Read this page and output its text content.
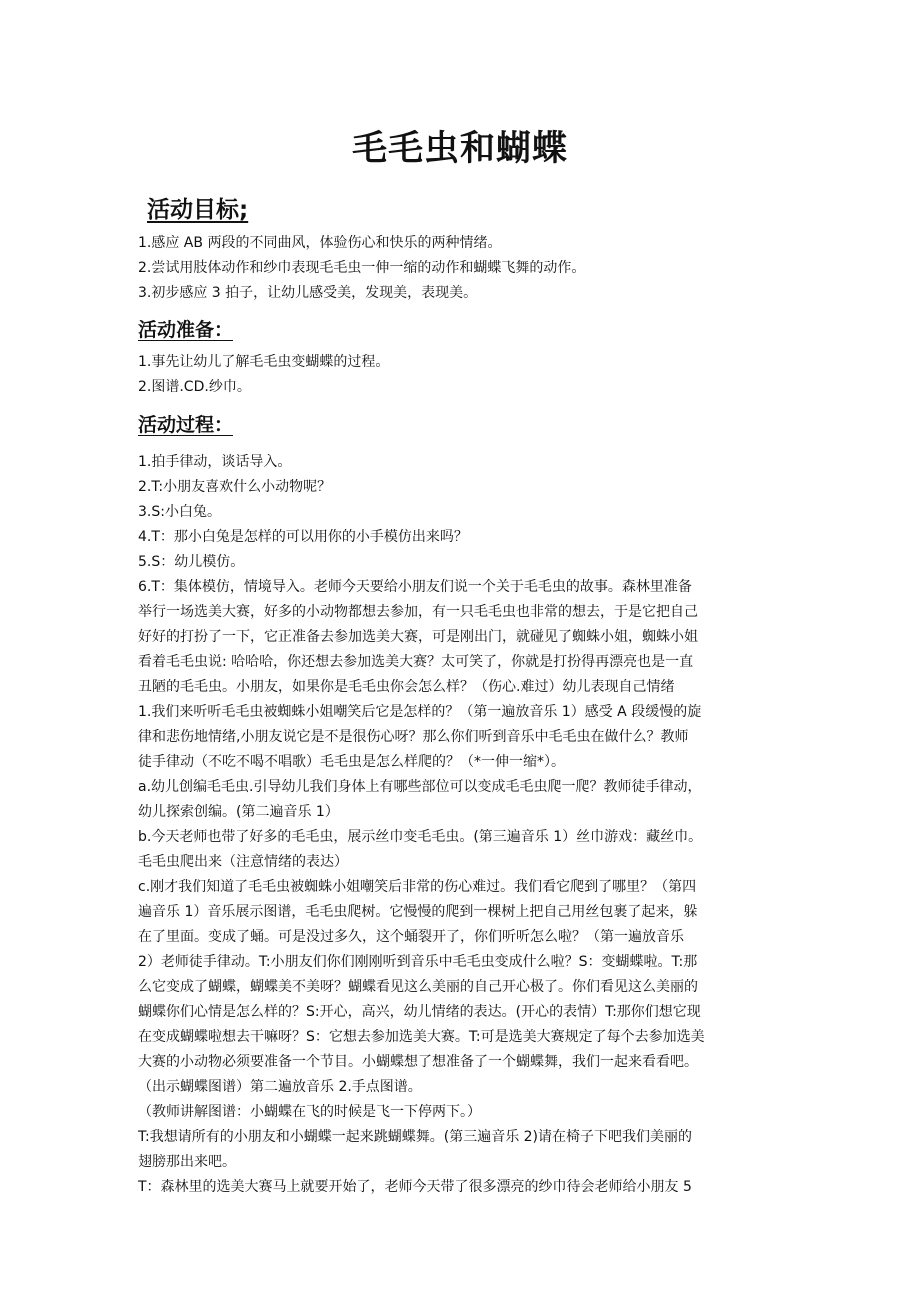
毛毛虫和蝴蝶
活动目标;
1.感应 AB 两段的不同曲风，体验伤心和快乐的两种情绪。
2.尝试用肢体动作和纱巾表现毛毛虫一伸一缩的动作和蝴蝶飞舞的动作。
3.初步感应 3 拍子，让幼儿感受美，发现美，表现美。
活动准备：
1.事先让幼儿了解毛毛虫变蝴蝶的过程。
2.图谱.CD.纱巾。
活动过程：
1.拍手律动，谈话导入。
2.T:小朋友喜欢什么小动物呢？
3.S:小白兔。
4.T：那小白兔是怎样的可以用你的小手模仿出来吗？
5.S：幼儿模仿。
6.T：集体模仿，情境导入。老师今天要给小朋友们说一个关于毛毛虫的故事。森林里准备
举行一场选美大赛，好多的小动物都想去参加，有一只毛毛虫也非常的想去，于是它把自己
好好的打扮了一下，它正准备去参加选美大赛，可是刚出门，就碰见了蜘蛛小姐，蜘蛛小姐
看着毛毛虫说: 哈哈哈，你还想去参加选美大赛？太可笑了，你就是打扮得再漂亮也是一直
丑陋的毛毛虫。小朋友，如果你是毛毛虫你会怎么样？（伤心.难过）幼儿表现自己情绪
1.我们来听听毛毛虫被蜘蛛小姐嘲笑后它是怎样的？（第一遍放音乐 1）感受 A 段缓慢的旋
律和悲伤地情绪,小朋友说它是不是很伤心呀？那么你们听到音乐中毛毛虫在做什么？教师
徒手律动（不吃不喝不唱歌）毛毛虫是怎么样爬的？（*一伸一缩*）。
a.幼儿创编毛毛虫.引导幼儿我们身体上有哪些部位可以变成毛毛虫爬一爬？教师徒手律动，
幼儿探索创编。(第二遍音乐 1）
b.今天老师也带了好多的毛毛虫，展示丝巾变毛毛虫。(第三遍音乐 1）丝巾游戏：藏丝巾。
毛毛虫爬出来（注意情绪的表达）
c.刚才我们知道了毛毛虫被蜘蛛小姐嘲笑后非常的伤心难过。我们看它爬到了哪里？（第四
遍音乐 1）音乐展示图谱，毛毛虫爬树。它慢慢的爬到一棵树上把自己用丝包裹了起来，躲
在了里面。变成了蛹。可是没过多久，这个蛹裂开了，你们听听怎么啦？（第一遍放音乐
2）老师徒手律动。T:小朋友们你们刚刚听到音乐中毛毛虫变成什么啦？S：变蝴蝶啦。T:那
么它变成了蝴蝶，蝴蝶美不美呀？蝴蝶看见这么美丽的自己开心极了。你们看见这么美丽的
蝴蝶你们心情是怎么样的？S:开心，高兴，幼儿情绪的表达。(开心的表情）T:那你们想它现
在变成蝴蝶啦想去干嘛呀？S：它想去参加选美大赛。T:可是选美大赛规定了每个去参加选美
大赛的小动物必须要准备一个节目。小蝴蝶想了想准备了一个蝴蝶舞，我们一起来看看吧。
（出示蝴蝶图谱）第二遍放音乐 2.手点图谱。
（教师讲解图谱：小蝴蝶在飞的时候是飞一下停两下。）
T:我想请所有的小朋友和小蝴蝶一起来跳蝴蝶舞。(第三遍音乐 2)请在椅子下吧我们美丽的
翅膀那出来吧。
T：森林里的选美大赛马上就要开始了，老师今天带了很多漂亮的纱巾待会老师给小朋友 5
